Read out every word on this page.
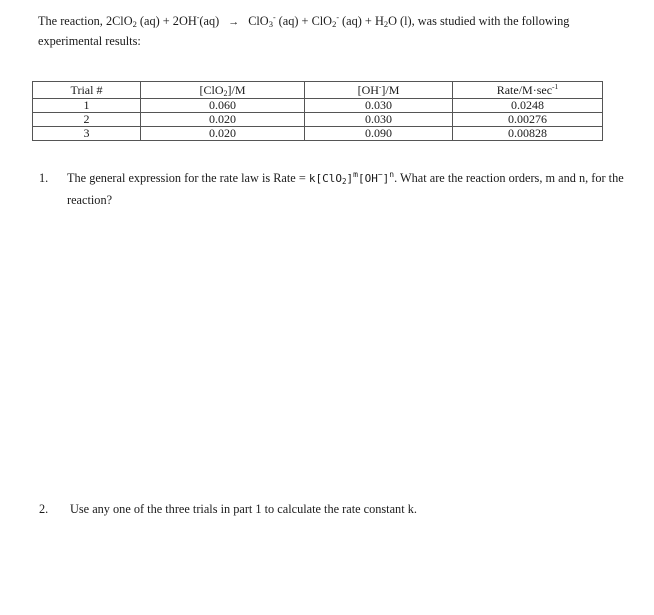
The reaction, 2ClO$_2$ (aq) + 2OH-(aq) → ClO$_3$- (aq) + ClO$_2$- $(aq) + H_2O$ (l), was studied with the following experimental results:
Trial #	[ClO$_2$]/M	[OH-]/M	Rate/$M\cdot\sec^{-1}$
1	0.060	0.030	0.0248
2	0.020	0.030	0.00276
3	0.020	0.090	0.00828
1. The general expression for the rate law is Rate = $k[ClO_2]^m[OH^-]^n$. What are the reaction orders, m and n, for the reaction?
2. Use any one of the three trials in part 1 to calculate the rate constant k.
